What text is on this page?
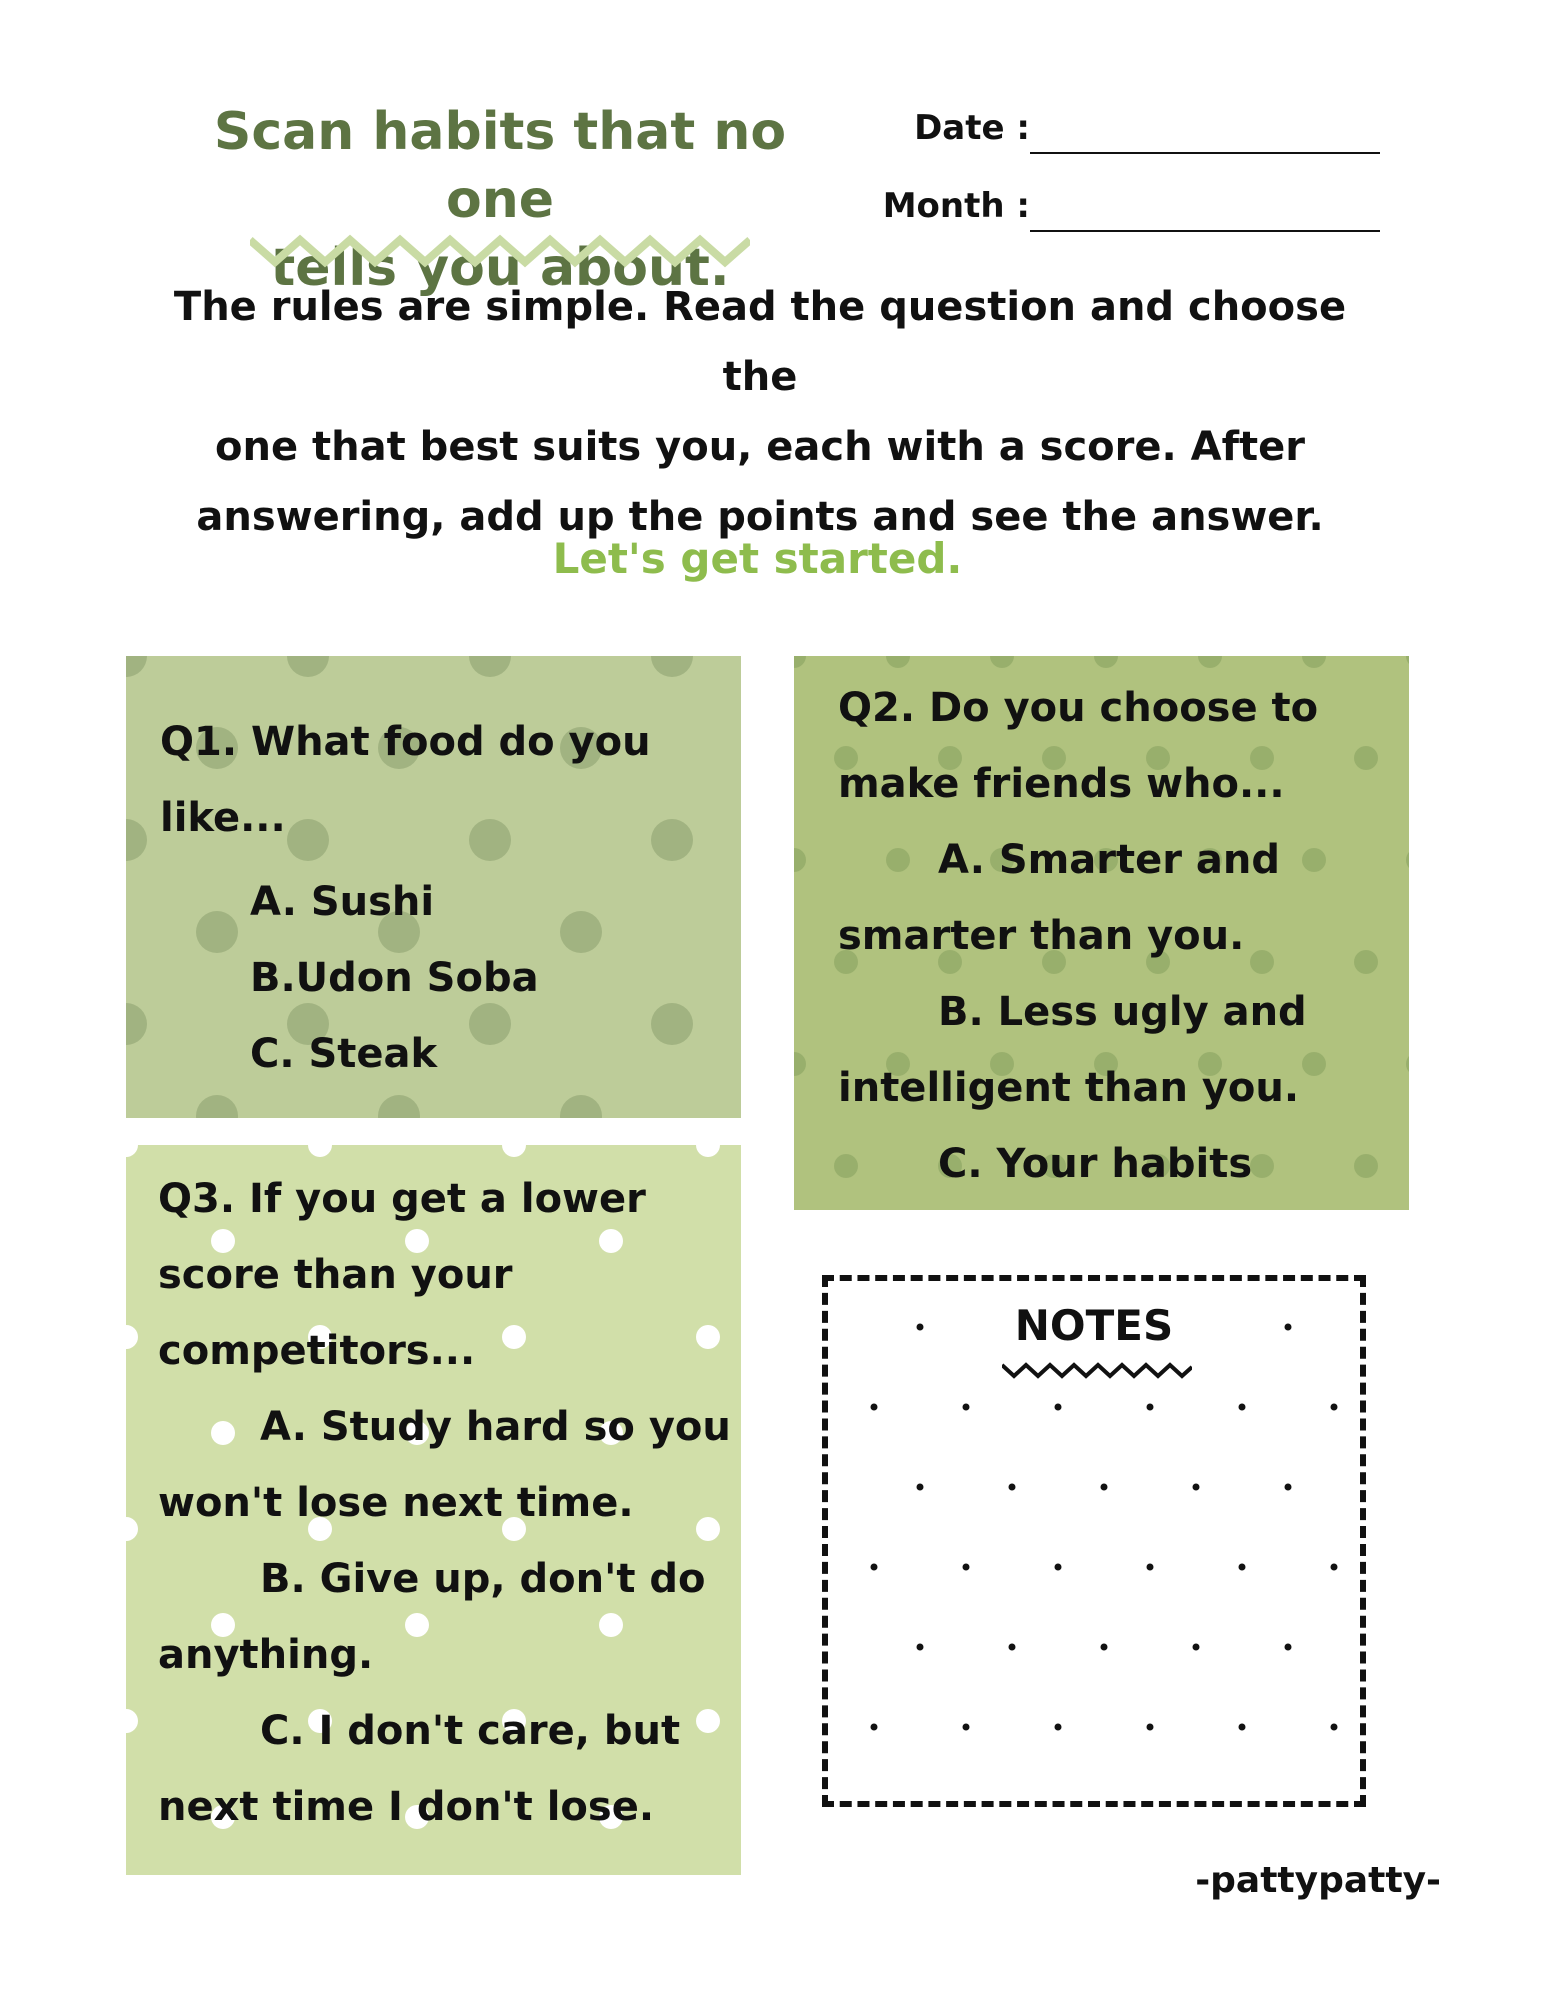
Scan habits that no one
tells you about.
Date :
Month :
The rules are simple. Read the question and choose the
one that best suits you, each with a score. After
answering, add up the points and see the answer.
Let's get started.
Q1. What food do you
like...
A. Sushi
B.Udon Soba
C. Steak
Q2. Do you choose to
make friends who...
A. Smarter and
smarter than you.
B. Less ugly and
intelligent than you.
C. Your habits
Q3. If you get a lower
score than your
competitors...
A. Study hard so you
won't lose next time.
B. Give up, don't do
anything.
C. I don't care, but
next time I don't lose.
NOTES
-pattypatty-
